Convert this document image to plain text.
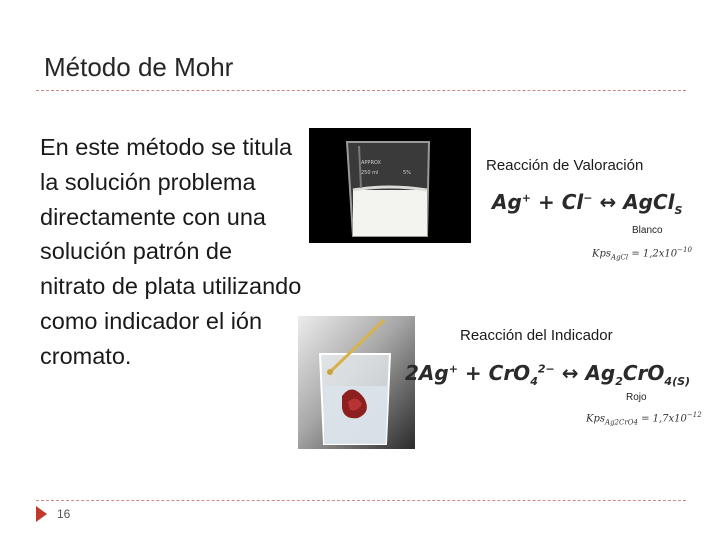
Método de Mohr
En este método se titula la solución problema directamente con una solución patrón de nitrato de plata utilizando como indicador el ión cromato.
APPROX
250 ml	5%	Reacción de Valoración
Ag+ + Cl− ↔ AgCl$_S$
Blanco
$Kps_{AgCl} = 1,2x10^{-10}$
Reacción del Indicador
2Ag+ + CrO$_4^{2-}$ ↔ $Ag_2CrO_{4(S)}$
Rojo
$Kps_{Ag2CrO4} = 1,7x10^{-12}$
16
